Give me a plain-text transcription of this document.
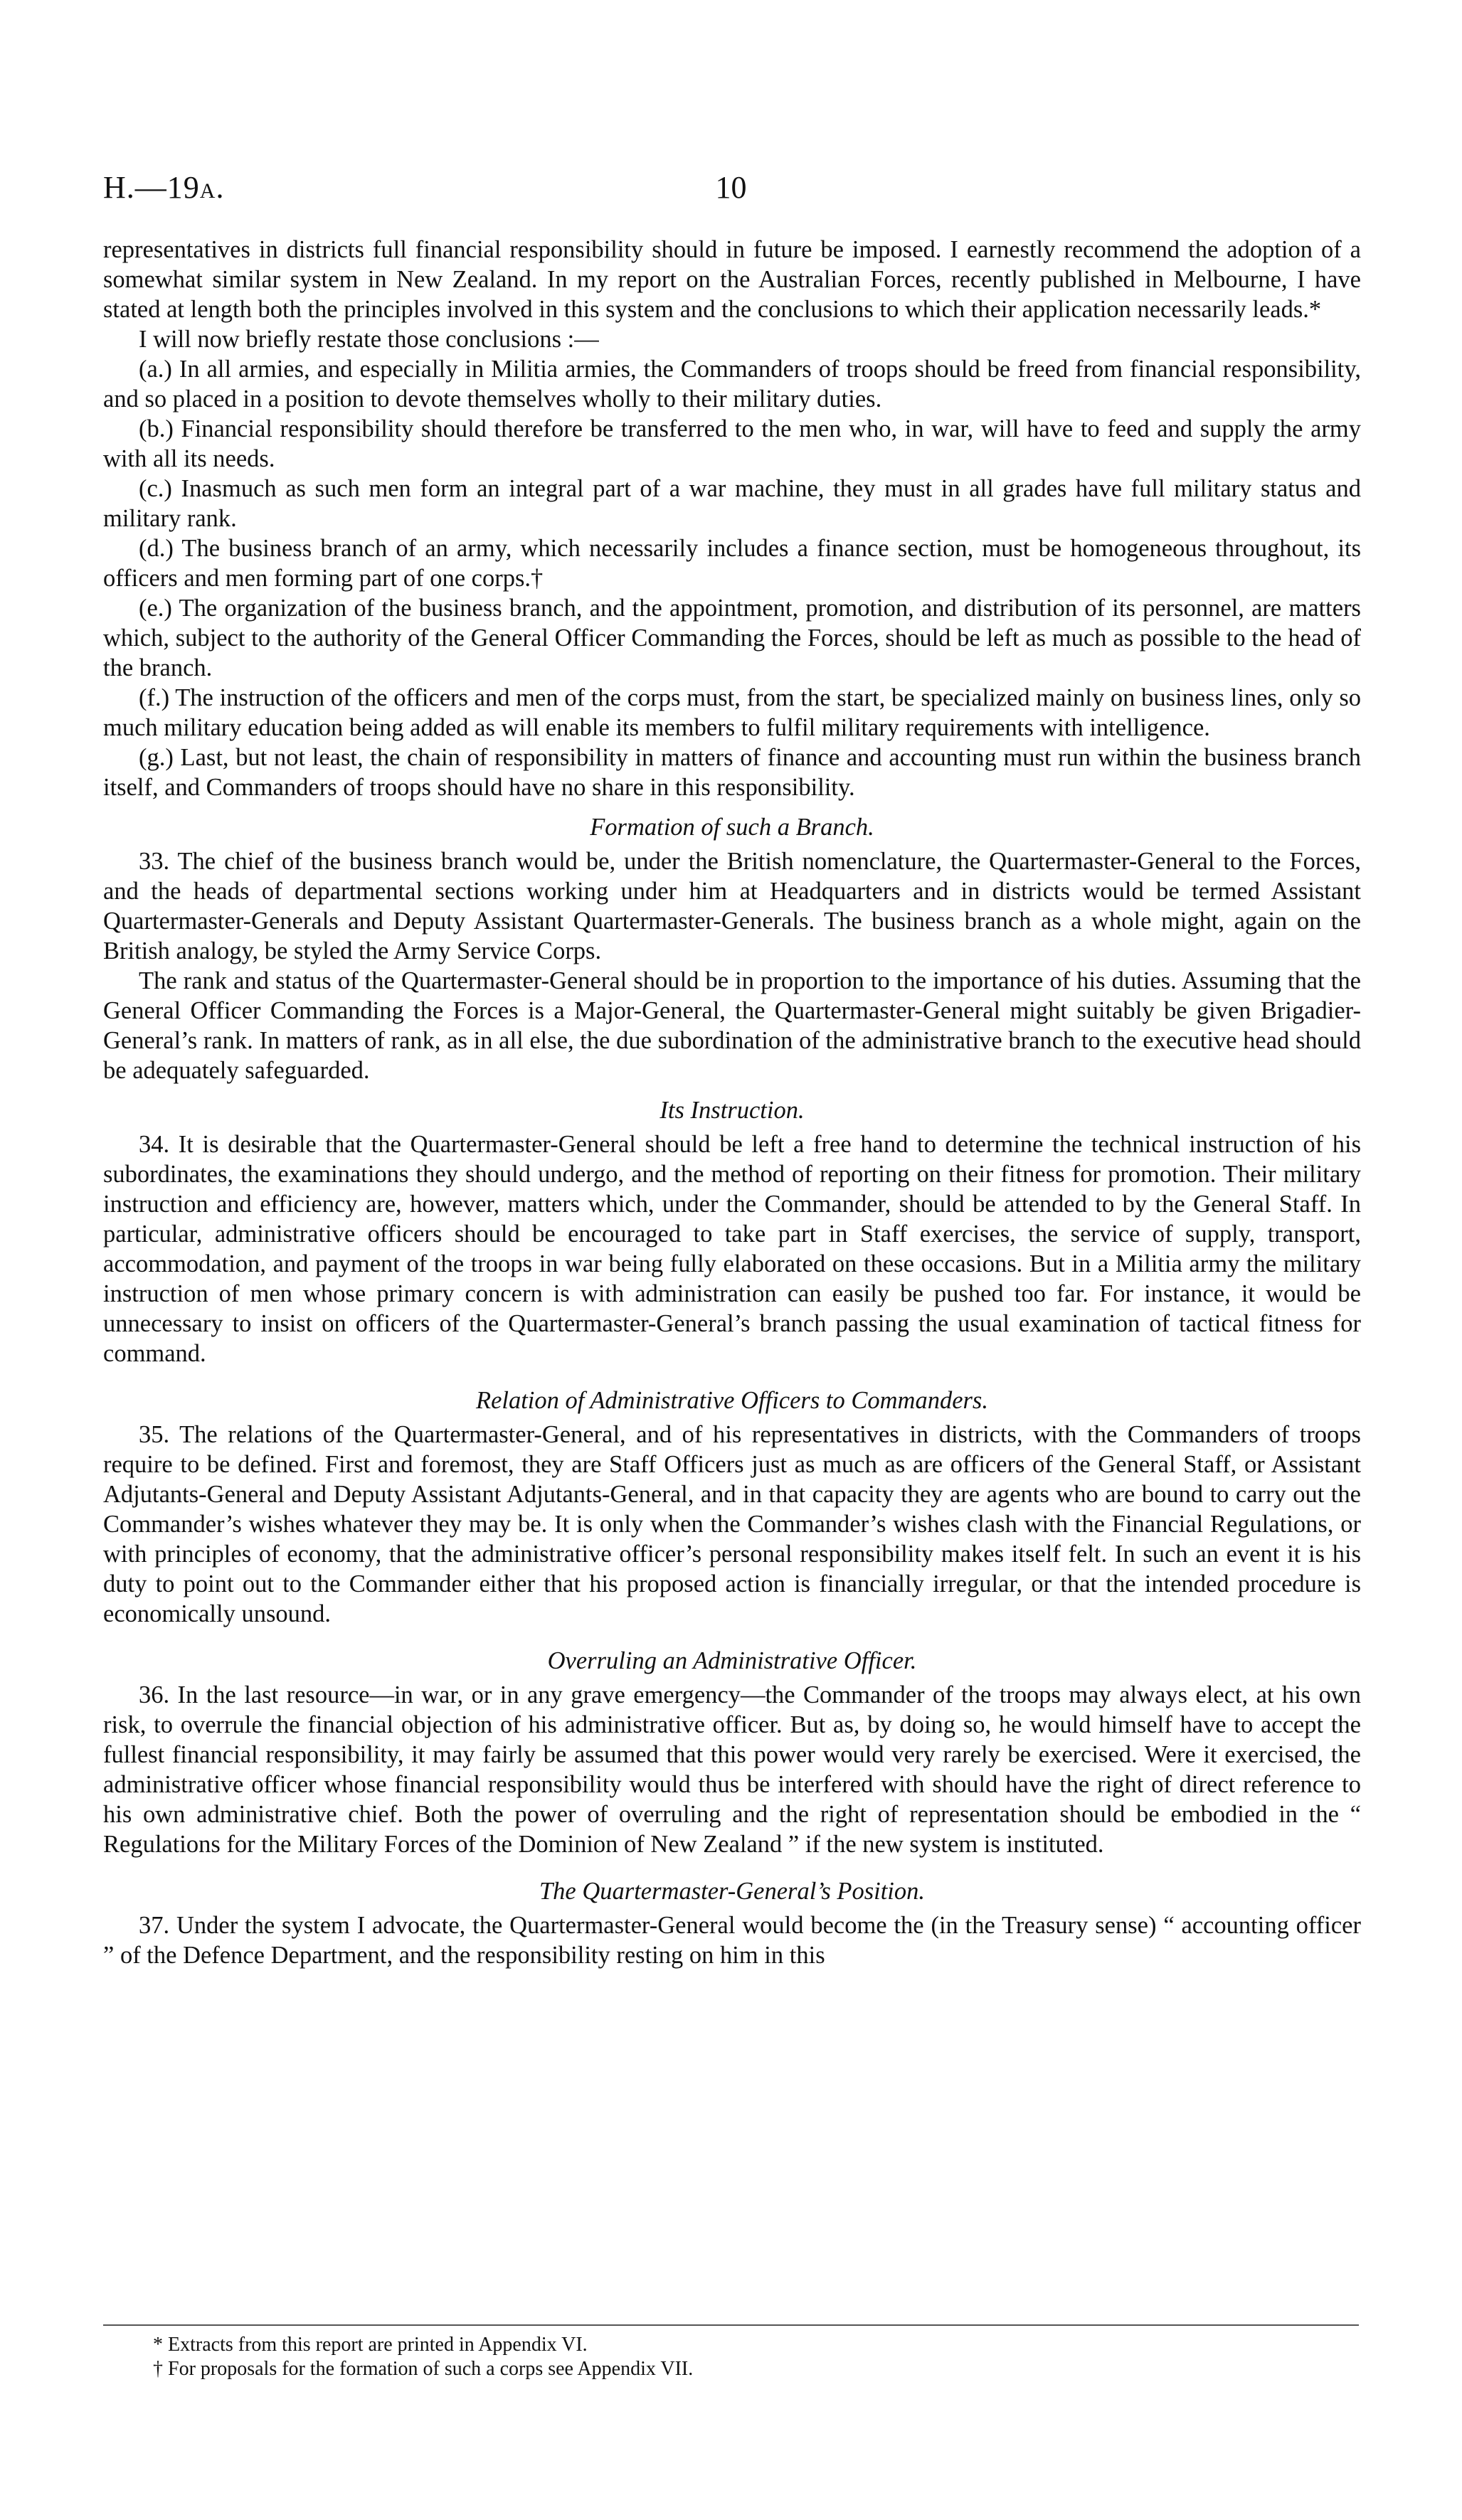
H.—19A.	10

representatives in districts full financial responsibility should in future be imposed. I earnestly recommend the adoption of a somewhat similar system in New Zealand. In my report on the Australian Forces, recently published in Melbourne, I have stated at length both the principles involved in this system and the conclusions to which their application necessarily leads.*

I will now briefly restate those conclusions :—

(a.) In all armies, and especially in Militia armies, the Commanders of troops should be freed from financial responsibility, and so placed in a position to devote themselves wholly to their military duties.

(b.) Financial responsibility should therefore be transferred to the men who, in war, will have to feed and supply the army with all its needs.

(c.) Inasmuch as such men form an integral part of a war machine, they must in all grades have full military status and military rank.

(d.) The business branch of an army, which necessarily includes a finance section, must be homogeneous throughout, its officers and men forming part of one corps.†

(e.) The organization of the business branch, and the appointment, promotion, and distribution of its personnel, are matters which, subject to the authority of the General Officer Commanding the Forces, should be left as much as possible to the head of the branch.

(f.) The instruction of the officers and men of the corps must, from the start, be specialized mainly on business lines, only so much military education being added as will enable its members to fulfil military requirements with intelligence.

(g.) Last, but not least, the chain of responsibility in matters of finance and accounting must run within the business branch itself, and Commanders of troops should have no share in this responsibility.

Formation of such a Branch.

33. The chief of the business branch would be, under the British nomenclature, the Quartermaster-General to the Forces, and the heads of departmental sections working under him at Headquarters and in districts would be termed Assistant Quartermaster-Generals and Deputy Assistant Quartermaster-Generals. The business branch as a whole might, again on the British analogy, be styled the Army Service Corps.

The rank and status of the Quartermaster-General should be in proportion to the importance of his duties. Assuming that the General Officer Commanding the Forces is a Major-General, the Quartermaster-General might suitably be given Brigadier-General’s rank. In matters of rank, as in all else, the due subordination of the administrative branch to the executive head should be adequately safeguarded.

Its Instruction.

34. It is desirable that the Quartermaster-General should be left a free hand to determine the technical instruction of his subordinates, the examinations they should undergo, and the method of reporting on their fitness for promotion. Their military instruction and efficiency are, however, matters which, under the Commander, should be attended to by the General Staff. In particular, administrative officers should be encouraged to take part in Staff exercises, the service of supply, transport, accommodation, and payment of the troops in war being fully elaborated on these occasions. But in a Militia army the military instruction of men whose primary concern is with administration can easily be pushed too far. For instance, it would be unnecessary to insist on officers of the Quartermaster-General’s branch passing the usual examination of tactical fitness for command.

Relation of Administrative Officers to Commanders.

35. The relations of the Quartermaster-General, and of his representatives in districts, with the Commanders of troops require to be defined. First and foremost, they are Staff Officers just as much as are officers of the General Staff, or Assistant Adjutants-General and Deputy Assistant Adjutants-General, and in that capacity they are agents who are bound to carry out the Commander’s wishes whatever they may be. It is only when the Commander’s wishes clash with the Financial Regulations, or with principles of economy, that the administrative officer’s personal responsibility makes itself felt. In such an event it is his duty to point out to the Commander either that his proposed action is financially irregular, or that the intended procedure is economically unsound.

Overruling an Administrative Officer.

36. In the last resource—in war, or in any grave emergency—the Commander of the troops may always elect, at his own risk, to overrule the financial objection of his administrative officer. But as, by doing so, he would himself have to accept the fullest financial responsibility, it may fairly be assumed that this power would very rarely be exercised. Were it exercised, the administrative officer whose financial responsibility would thus be interfered with should have the right of direct reference to his own administrative chief. Both the power of overruling and the right of representation should be embodied in the “ Regulations for the Military Forces of the Dominion of New Zealand ” if the new system is instituted.

The Quartermaster-General’s Position.

37. Under the system I advocate, the Quartermaster-General would become the (in the Treasury sense) “ accounting officer ” of the Defence Department, and the responsibility resting on him in this

* Extracts from this report are printed in Appendix VI.

† For proposals for the formation of such a corps see Appendix VII.
